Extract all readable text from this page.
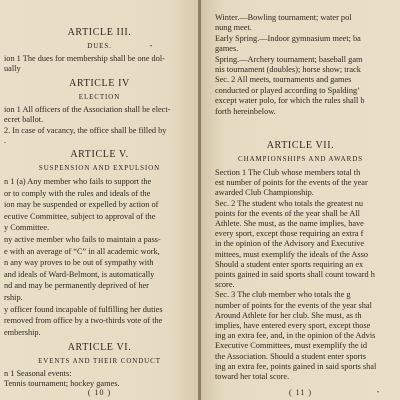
ARTICLE III.
DUES.	•
ion 1 The dues for membership shall be one dol-
ually
ARTICLE IV
ELECTION
ion 1 All officers of the Association shall be elect-
ecret ballot.
2. In case of vacancy, the office shall be filled by
.
ARTICLE V.
SUSPENSION AND EXPULSION
n 1 (a) Any member who fails to support the
or to comply with the rules and ideals of the
ion may be suspended or expelled by action of
ecutive Committee, subject to approval of the
y Committee.
ny active member who fails to maintain a pass-
e with an average of “C” in all academic work,
n any way proves to be out of sympathy with
and ideals of Ward-Belmont, is automatically
nd and may be permanently deprived of her
rship.
y officer found incapable of fulfilling her duties
removed from office by a two-thirds vote of the
embership.
ARTICLE VI.
EVENTS AND THEIR CONDUCT
n 1 Seasonal events:
Tennis tournament; hockey games.
( 10 )
Winter.—Bowling tournament; water pol
nung meet.
Early Spring.—Indoor gymnasium meet; ba
games.
Spring.—Archery tournament; baseball gam
nis tournament (doubles); horse show; track
Sec. 2 All meets, tournaments and games
conducted or played according to Spalding’
except water polo, for which the rules shall b
forth hereinbelow.
ARTICLE VII.
CHAMPIONSHIPS AND AWARDS
Section 1 The Club whose members total th
est number of points for the events of the year
awarded Club Championship.
Sec. 2 The student who totals the greatest nu
points for the events of the year shall be All
Athlete. She must, as the name implies, have
every sport, except those requiring an extra f
in the opinion of the Advisory and Executive
mittees, must exemplify the ideals of the Asso
Should a student enter sports requiring an ex
points gained in said sports shall count toward h
score.
Sec. 3 The club member who totals the g
number of points for the events of the year shal
Around Athlete for her club. She must, as th
implies, have entered every sport, except those
ing an extra fee, and, in the opinion of the Advis
Executive Committees, must exemplify the id
the Association. Should a student enter sports
ing an extra fee, points gained in said sports shal
toward her total score.
( 11 )	•
